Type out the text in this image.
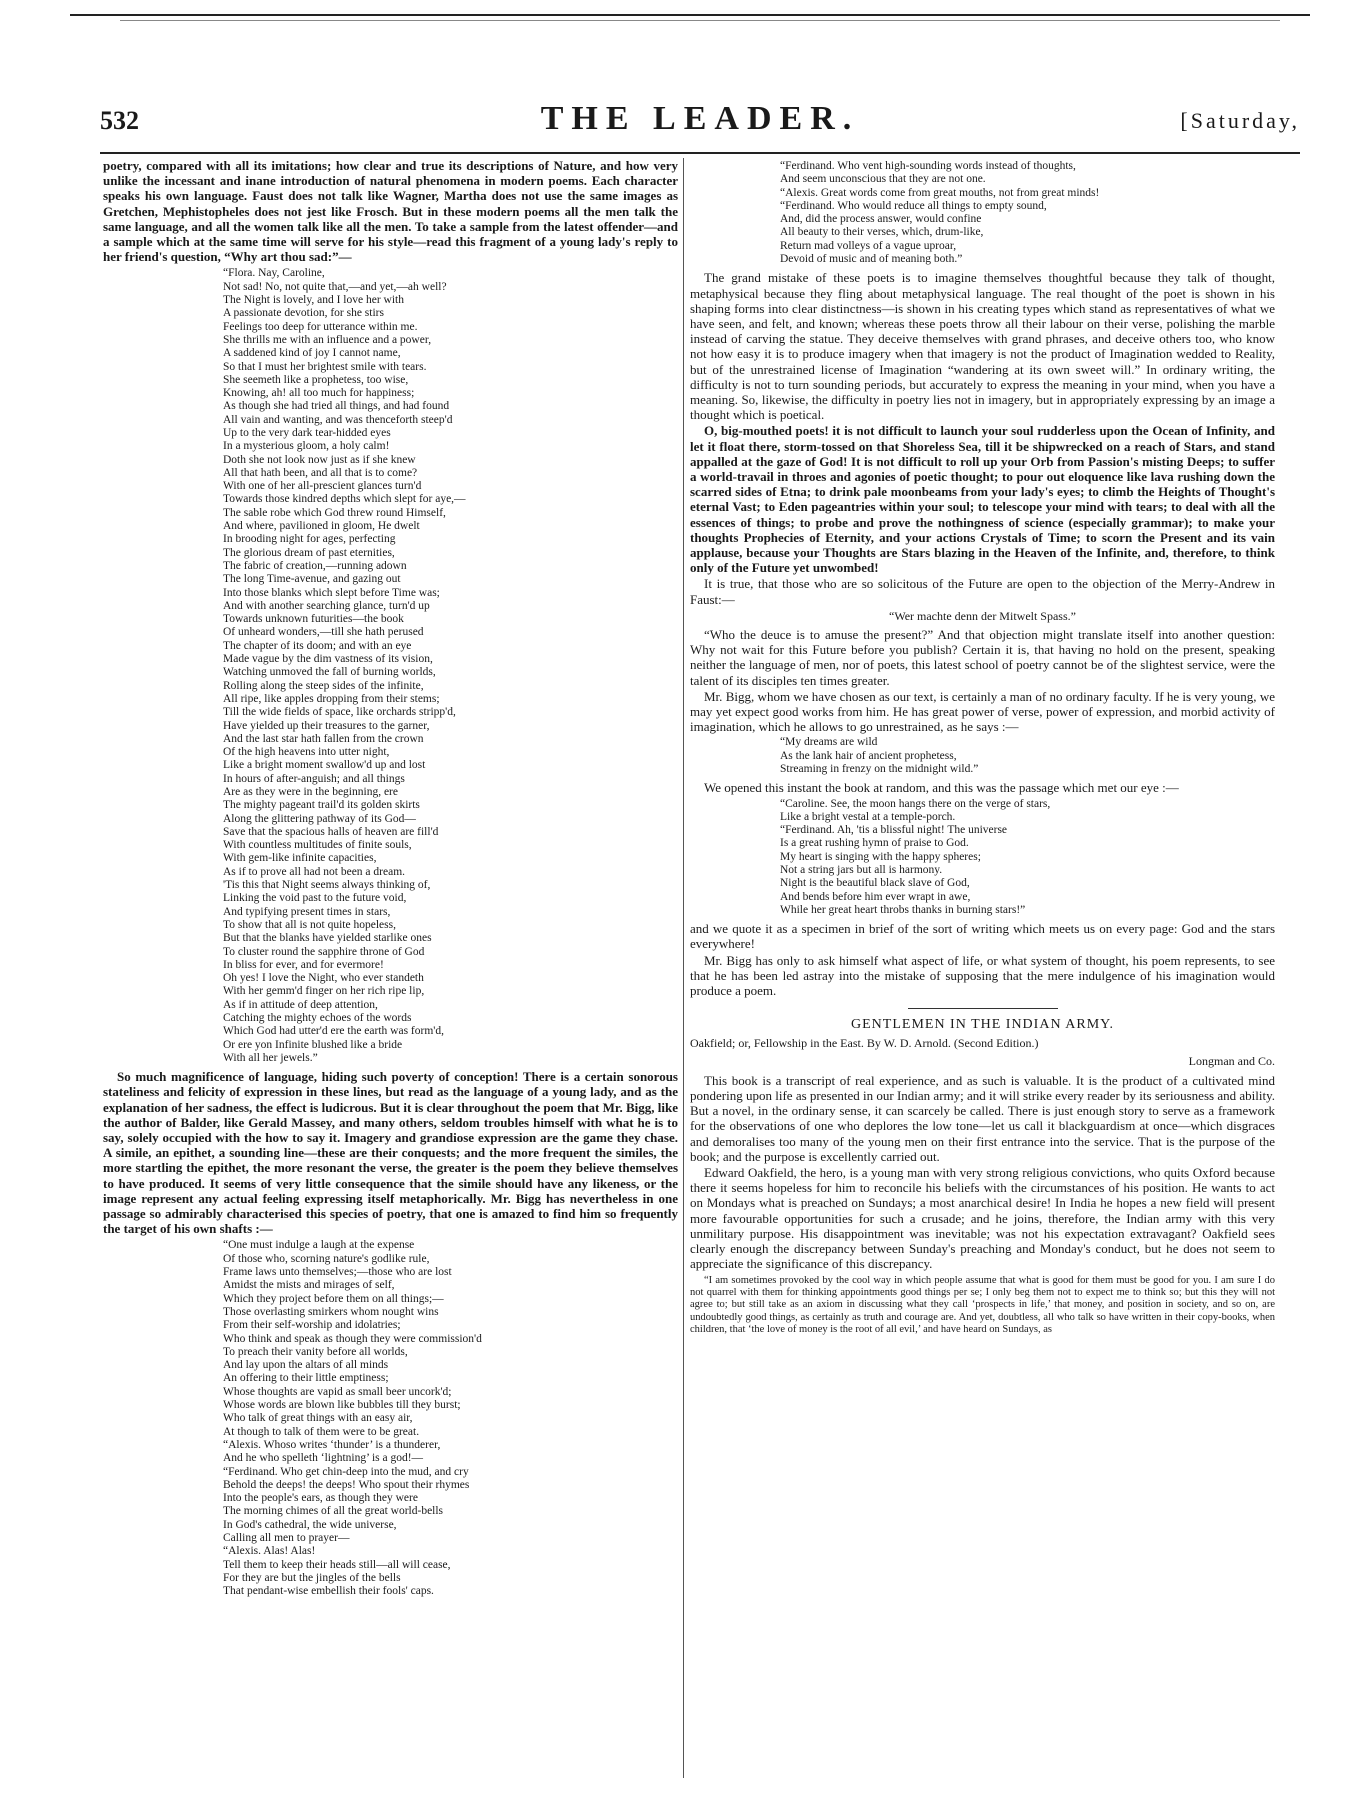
THE LEADER.
532	[Saturday,

poetry, compared with all its imitations; how clear and true its descriptions of Nature, and how very unlike the incessant and inane introduction of natural phenomena in modern poems. Each character speaks his own language. Faust does not talk like Wagner, Martha does not use the same images as Gretchen, Mephistopheles does not jest like Frosch. But in these modern poems all the men talk the same language, and all the women talk like all the men. To take a sample from the latest offender—and a sample which at the same time will serve for his style—read this fragment of a young lady's reply to her friend's question, “Why art thou sad:”—

“Flora. Nay, Caroline,
Not sad! No, not quite that,—and yet,—ah well?
The Night is lovely, and I love her with
A passionate devotion, for she stirs
Feelings too deep for utterance within me.
She thrills me with an influence and a power,
A saddened kind of joy I cannot name,
So that I must her brightest smile with tears.
She seemeth like a prophetess, too wise,
Knowing, ah! all too much for happiness;
As though she had tried all things, and had found
All vain and wanting, and was thenceforth steep'd
Up to the very dark tear-hidded eyes
In a mysterious gloom, a holy calm!
Doth she not look now just as if she knew
All that hath been, and all that is to come?
With one of her all-prescient glances turn'd
Towards those kindred depths which slept for aye,—
The sable robe which God threw round Himself,
And where, pavilioned in gloom, He dwelt
In brooding night for ages, perfecting
The glorious dream of past eternities,
The fabric of creation,—running adown
The long Time-avenue, and gazing out
Into those blanks which slept before Time was;
And with another searching glance, turn'd up
Towards unknown futurities—the book
Of unheard wonders,—till she hath perused
The chapter of its doom; and with an eye
Made vague by the dim vastness of its vision,
Watching unmoved the fall of burning worlds,
Rolling along the steep sides of the infinite,
All ripe, like apples dropping from their stems;
Till the wide fields of space, like orchards stripp'd,
Have yielded up their treasures to the garner,
And the last star hath fallen from the crown
Of the high heavens into utter night,
Like a bright moment swallow'd up and lost
In hours of after-anguish; and all things
Are as they were in the beginning, ere
The mighty pageant trail'd its golden skirts
Along the glittering pathway of its God—
Save that the spacious halls of heaven are fill'd
With countless multitudes of finite souls,
With gem-like infinite capacities,
As if to prove all had not been a dream.
'Tis this that Night seems always thinking of,
Linking the void past to the future void,
And typifying present times in stars,
To show that all is not quite hopeless,
But that the blanks have yielded starlike ones
To cluster round the sapphire throne of God
In bliss for ever, and for evermore!
Oh yes! I love the Night, who ever standeth
With her gemm'd finger on her rich ripe lip,
As if in attitude of deep attention,
Catching the mighty echoes of the words
Which God had utter'd ere the earth was form'd,
Or ere yon Infinite blushed like a bride
With all her jewels.”

So much magnificence of language, hiding such poverty of conception! There is a certain sonorous stateliness and felicity of expression in these lines, but read as the language of a young lady, and as the explanation of her sadness, the effect is ludicrous. But it is clear throughout the poem that Mr. Bigg, like the author of Balder, like Gerald Massey, and many others, seldom troubles himself with what he is to say, solely occupied with the how to say it. Imagery and grandiose expression are the game they chase. A simile, an epithet, a sounding line—these are their conquests; and the more frequent the similes, the more startling the epithet, the more resonant the verse, the greater is the poem they believe themselves to have produced. It seems of very little consequence that the simile should have any likeness, or the image represent any actual feeling expressing itself metaphorically. Mr. Bigg has nevertheless in one passage so admirably characterised this species of poetry, that one is amazed to find him so frequently the target of his own shafts :—

“One must indulge a laugh at the expense
Of those who, scorning nature's godlike rule,
Frame laws unto themselves;—those who are lost
Amidst the mists and mirages of self,
Which they project before them on all things;—
Those overlasting smirkers whom nought wins
From their self-worship and idolatries;
Who think and speak as though they were commission'd
To preach their vanity before all worlds,
And lay upon the altars of all minds
An offering to their little emptiness;
Whose thoughts are vapid as small beer uncork'd;
Whose words are blown like bubbles till they burst;
Who talk of great things with an easy air,
At though to talk of them were to be great.
“Alexis. Whoso writes ‘thunder’ is a thunderer,
And he who spelleth ‘lightning’ is a god!—
“Ferdinand. Who get chin-deep into the mud, and cry
Behold the deeps! the deeps! Who spout their rhymes
Into the people's ears, as though they were
The morning chimes of all the great world-bells
In God's cathedral, the wide universe,
Calling all men to prayer—
“Alexis. Alas! Alas!
Tell them to keep their heads still—all will cease,
For they are but the jingles of the bells
That pendant-wise embellish their fools' caps.
“Ferdinand. Who vent high-sounding words instead of thoughts,
And seem unconscious that they are not one.
“Alexis. Great words come from great mouths, not from great minds!
“Ferdinand. Who would reduce all things to empty sound,
And, did the process answer, would confine
All beauty to their verses, which, drum-like,
Return mad volleys of a vague uproar,
Devoid of music and of meaning both.”

The grand mistake of these poets is to imagine themselves thoughtful because they talk of thought, metaphysical because they fling about metaphysical language. The real thought of the poet is shown in his shaping forms into clear distinctness—is shown in his creating types which stand as representatives of what we have seen, and felt, and known; whereas these poets throw all their labour on their verse, polishing the marble instead of carving the statue. They deceive themselves with grand phrases, and deceive others too, who know not how easy it is to produce imagery when that imagery is not the product of Imagination wedded to Reality, but of the unrestrained license of Imagination “wandering at its own sweet will.” In ordinary writing, the difficulty is not to turn sounding periods, but accurately to express the meaning in your mind, when you have a meaning. So, likewise, the difficulty in poetry lies not in imagery, but in appropriately expressing by an image a thought which is poetical.

O, big-mouthed poets! it is not difficult to launch your soul rudderless upon the Ocean of Infinity, and let it float there, storm-tossed on that Shoreless Sea, till it be shipwrecked on a reach of Stars, and stand appalled at the gaze of God! It is not difficult to roll up your Orb from Passion's misting Deeps; to suffer a world-travail in throes and agonies of poetic thought; to pour out eloquence like lava rushing down the scarred sides of Etna; to drink pale moonbeams from your lady's eyes; to climb the Heights of Thought's eternal Vast; to Eden pageantries within your soul; to telescope your mind with tears; to deal with all the essences of things; to probe and prove the nothingness of science (especially grammar); to make your thoughts Prophecies of Eternity, and your actions Crystals of Time; to scorn the Present and its vain applause, because your Thoughts are Stars blazing in the Heaven of the Infinite, and, therefore, to think only of the Future yet unwombed!

It is true, that those who are so solicitous of the Future are open to the objection of the Merry-Andrew in Faust:—

“Wer machte denn der Mitwelt Spass.”

“Who the deuce is to amuse the present?” And that objection might translate itself into another question: Why not wait for this Future before you publish? Certain it is, that having no hold on the present, speaking neither the language of men, nor of poets, this latest school of poetry cannot be of the slightest service, were the talent of its disciples ten times greater.

Mr. Bigg, whom we have chosen as our text, is certainly a man of no ordinary faculty. If he is very young, we may yet expect good works from him. He has great power of verse, power of expression, and morbid activity of imagination, which he allows to go unrestrained, as he says :—

“My dreams are wild
As the lank hair of ancient prophetess,
Streaming in frenzy on the midnight wild.”

We opened this instant the book at random, and this was the passage which met our eye :—

“Caroline. See, the moon hangs there on the verge of stars,
Like a bright vestal at a temple-porch.
“Ferdinand. Ah, 'tis a blissful night! The universe
Is a great rushing hymn of praise to God.
My heart is singing with the happy spheres;
Not a string jars but all is harmony.
Night is the beautiful black slave of God,
And bends before him ever wrapt in awe,
While her great heart throbs thanks in burning stars!”

and we quote it as a specimen in brief of the sort of writing which meets us on every page: God and the stars everywhere!

Mr. Bigg has only to ask himself what aspect of life, or what system of thought, his poem represents, to see that he has been led astray into the mistake of supposing that the mere indulgence of his imagination would produce a poem.

GENTLEMEN IN THE INDIAN ARMY.
Oakfield; or, Fellowship in the East. By W. D. Arnold. (Second Edition.)
Longman and Co.

This book is a transcript of real experience, and as such is valuable. It is the product of a cultivated mind pondering upon life as presented in our Indian army; and it will strike every reader by its seriousness and ability. But a novel, in the ordinary sense, it can scarcely be called. There is just enough story to serve as a framework for the observations of one who deplores the low tone—let us call it blackguardism at once—which disgraces and demoralises too many of the young men on their first entrance into the service. That is the purpose of the book; and the purpose is excellently carried out.

Edward Oakfield, the hero, is a young man with very strong religious convictions, who quits Oxford because there it seems hopeless for him to reconcile his beliefs with the circumstances of his position. He wants to act on Mondays what is preached on Sundays; a most anarchical desire! In India he hopes a new field will present more favourable opportunities for such a crusade; and he joins, therefore, the Indian army with this very unmilitary purpose. His disappointment was inevitable; was not his expectation extravagant? Oakfield sees clearly enough the discrepancy between Sunday's preaching and Monday's conduct, but he does not seem to appreciate the significance of this discrepancy.

“I am sometimes provoked by the cool way in which people assume that what is good for them must be good for you. I am sure I do not quarrel with them for thinking appointments good things per se; I only beg them not to expect me to think so; but this they will not agree to; but still take as an axiom in discussing what they call ‘prospects in life,’ that money, and position in society, and so on, are undoubtedly good things, as certainly as truth and courage are. And yet, doubtless, all who talk so have written in their copy-books, when children, that ‘the love of money is the root of all evil,’ and have heard on Sundays, as
